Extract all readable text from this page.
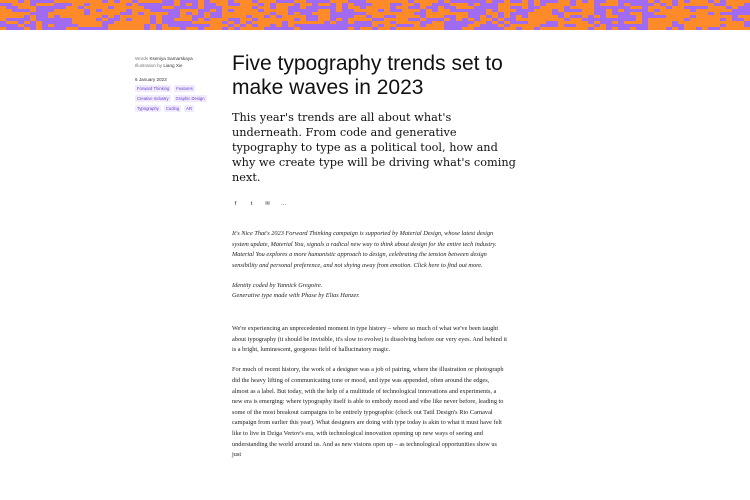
Words Kseniya Samarskaya
Illustration by Liang Xie
6 January 2023
Forward Thinking	Features
Creative Industry	Graphic Design
Typography	Coding	AR
Five typography trends set to make waves in 2023

This year's trends are all about what's underneath. From code and generative typography to type as a political tool, how and why we create type will be driving what's coming next.

f	t	✉ …

It's Nice That's 2023 Forward Thinking campaign is supported by Material Design, whose latest design system update, Material You, signals a radical new way to think about design for the entire tech industry. Material You explores a more humanistic approach to design, celebrating the tension between design sensibility and personal preference, and not shying away from emotion. Click here to find out more.

Identity coded by Yannick Gregoire.
Generative type made with Phase by Elias Hanzer.

We're experiencing an unprecedented moment in type history – where so much of what we've been taught about typography (it should be invisible, it's slow to evolve) is dissolving before our very eyes. And behind it is a bright, luminescent, gorgeous field of hallucinatory magic.

For much of recent history, the work of a designer was a job of pairing, where the illustration or photograph did the heavy lifting of communicating tone or mood, and type was appended, often around the edges, almost as a label. But today, with the help of a multitude of technological innovations and experiments, a new era is emerging: where typography itself is able to embody mood and vibe like never before, leading to some of the most breakout campaigns to be entirely typographic (check out Tatil Design's Rio Carnaval campaign from earlier this year). What designers are doing with type today is akin to what it must have felt like to live in Dziga Vertov's era, with technological innovation opening up new ways of seeing and understanding the world around us. And as new visions open up – as technological opportunities show us just
